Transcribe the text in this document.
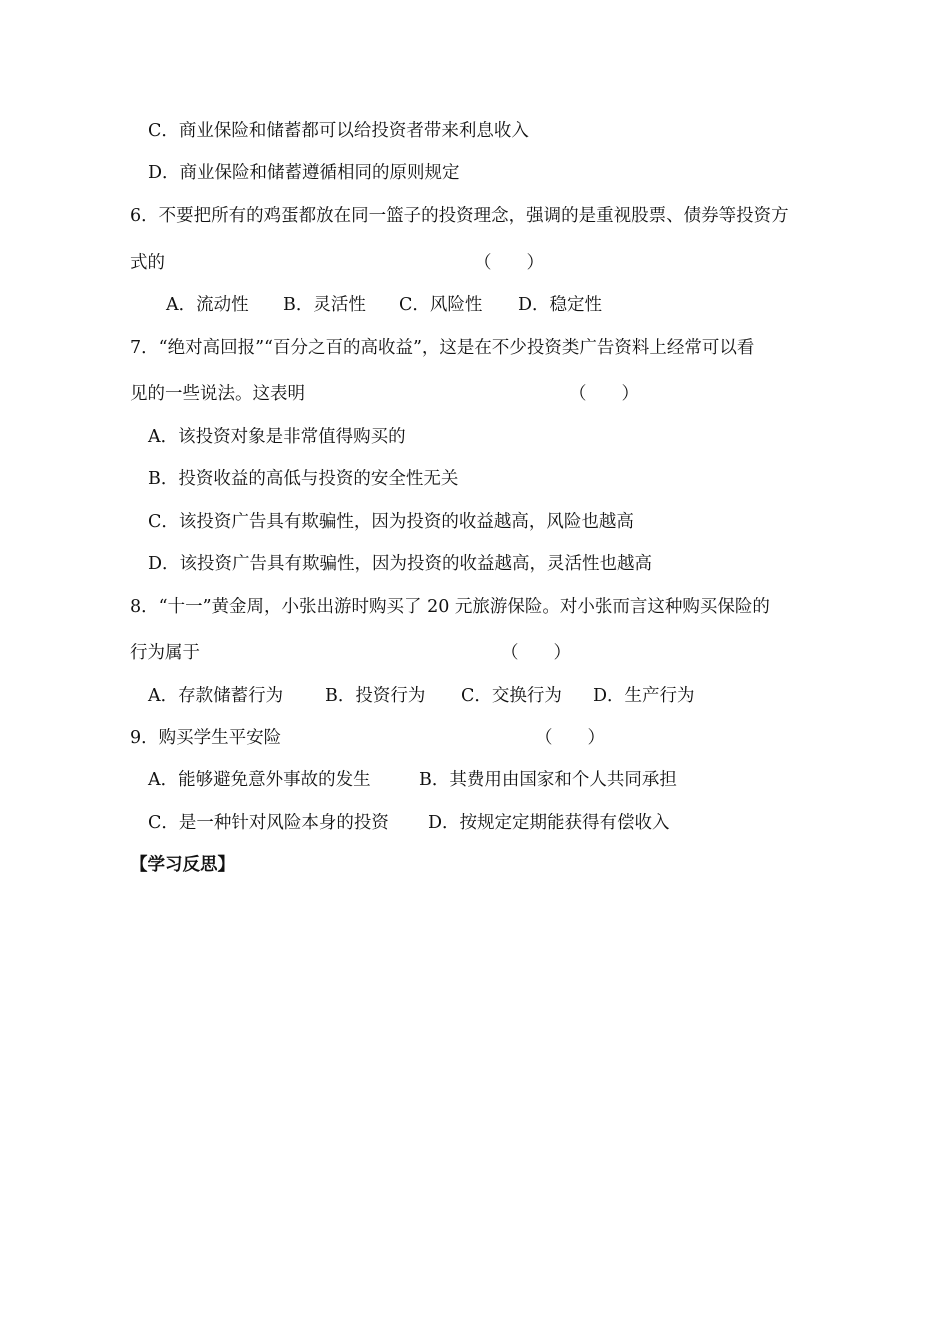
C．商业保险和储蓄都可以给投资者带来利息收入
D．商业保险和储蓄遵循相同的原则规定
6．不要把所有的鸡蛋都放在同一篮子的投资理念，强调的是重视股票、债券等投资方
式的	（　　）
A．流动性 B．灵活性 C．风险性 D．稳定性
7．“绝对高回报”“百分之百的高收益”，这是在不少投资类广告资料上经常可以看
见的一些说法。这表明	（　　）
A．该投资对象是非常值得购买的
B．投资收益的高低与投资的安全性无关
C．该投资广告具有欺骗性，因为投资的收益越高，风险也越高
D．该投资广告具有欺骗性，因为投资的收益越高，灵活性也越高
8．“十一”黄金周，小张出游时购买了 20 元旅游保险。对小张而言这种购买保险的
行为属于	（　　）
A．存款储蓄行为 B．投资行为 C．交换行为 D．生产行为
9．购买学生平安险	（　　）
A．能够避免意外事故的发生	B．其费用由国家和个人共同承担
C．是一种针对风险本身的投资 D．按规定定期能获得有偿收入
【学习反思】
